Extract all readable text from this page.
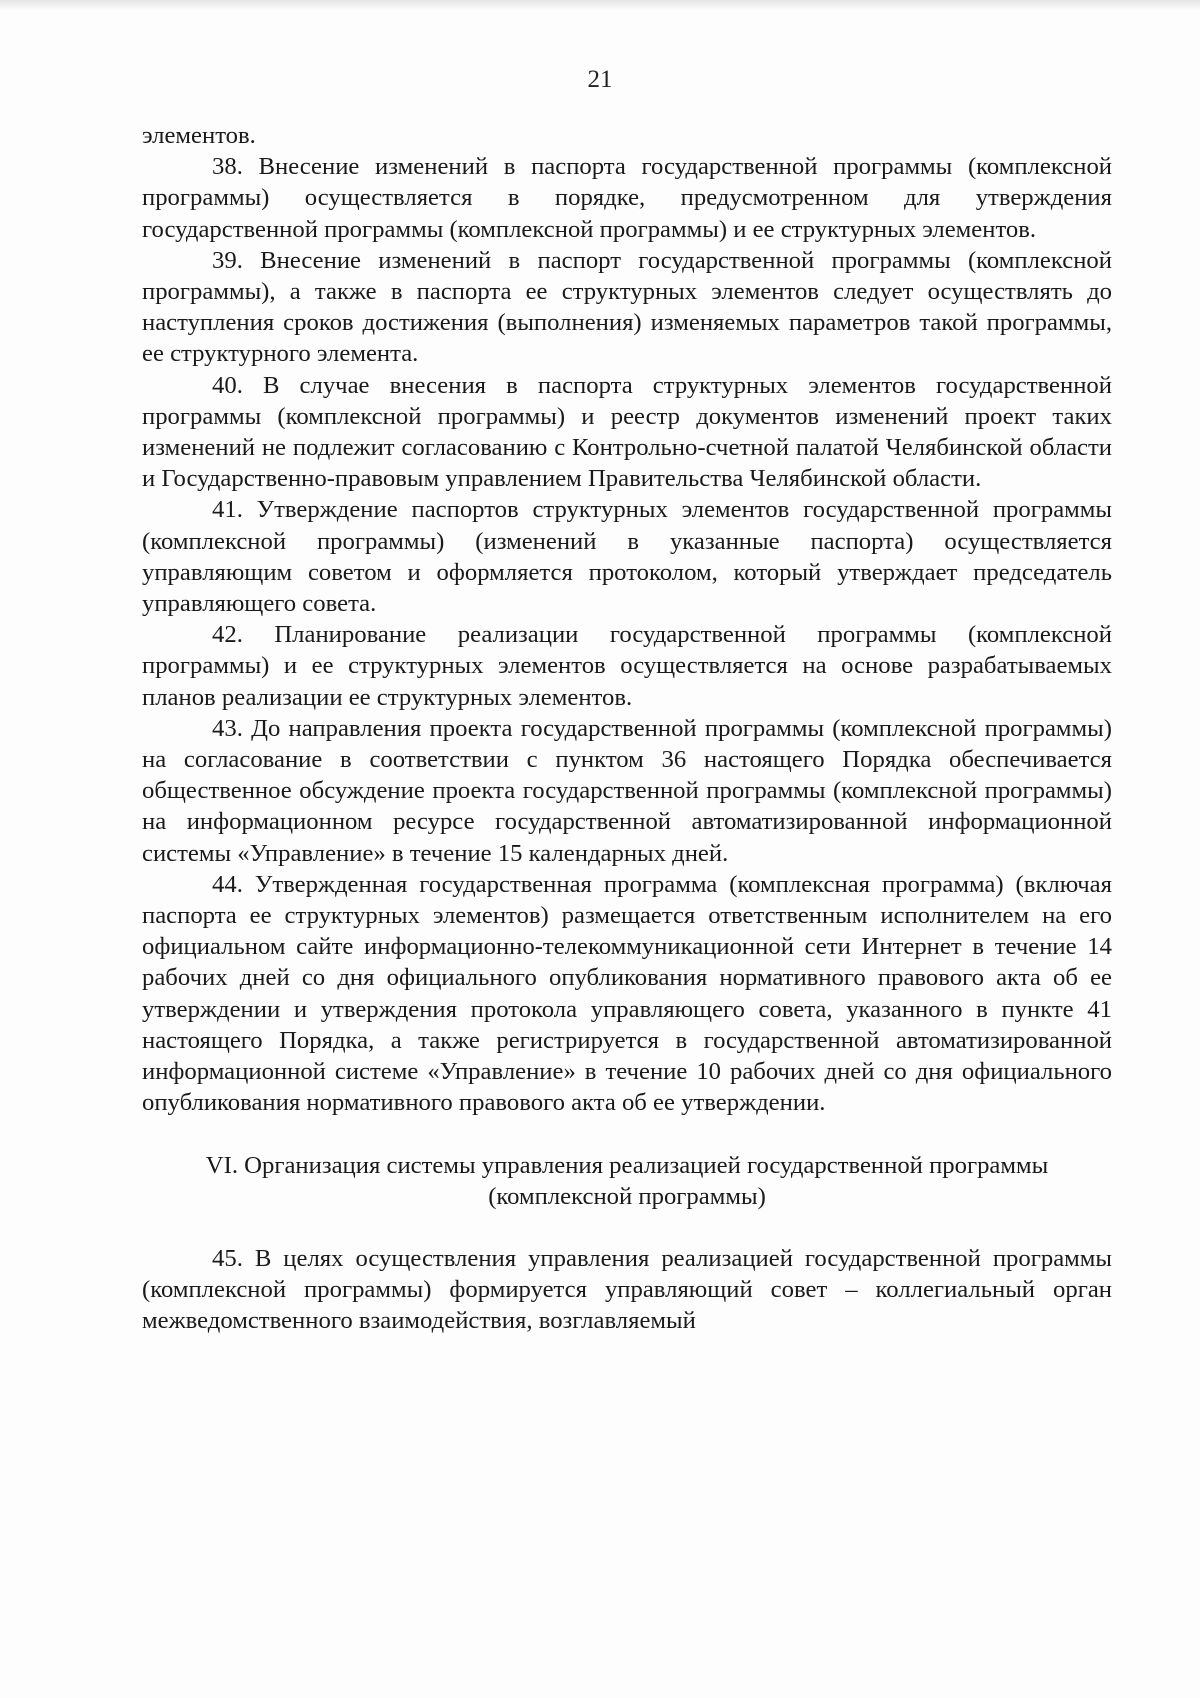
21

элементов.

38. Внесение изменений в паспорта государственной программы (комплексной программы) осуществляется в порядке, предусмотренном для утверждения государственной программы (комплексной программы) и ее структурных элементов.

39. Внесение изменений в паспорт государственной программы (комплексной программы), а также в паспорта ее структурных элементов следует осуществлять до наступления сроков достижения (выполнения) изменяемых параметров такой программы, ее структурного элемента.

40. В случае внесения в паспорта структурных элементов государственной программы (комплексной программы) и реестр документов изменений проект таких изменений не подлежит согласованию с Контрольно-счетной палатой Челябинской области и Государственно-правовым управлением Правительства Челябинской области.

41. Утверждение паспортов структурных элементов государственной программы (комплексной программы) (изменений в указанные паспорта) осуществляется управляющим советом и оформляется протоколом, который утверждает председатель управляющего совета.

42. Планирование реализации государственной программы (комплексной программы) и ее структурных элементов осуществляется на основе разрабатываемых планов реализации ее структурных элементов.

43. До направления проекта государственной программы (комплексной программы) на согласование в соответствии с пунктом 36 настоящего Порядка обеспечивается общественное обсуждение проекта государственной программы (комплексной программы) на информационном ресурсе государственной автоматизированной информационной системы «Управление» в течение 15 календарных дней.

44. Утвержденная государственная программа (комплексная программа) (включая паспорта ее структурных элементов) размещается ответственным исполнителем на его официальном сайте информационно-телекоммуникационной сети Интернет в течение 14 рабочих дней со дня официального опубликования нормативного правового акта об ее утверждении и утверждения протокола управляющего совета, указанного в пункте 41 настоящего Порядка, а также регистрируется в государственной автоматизированной информационной системе «Управление» в течение 10 рабочих дней со дня официального опубликования нормативного правового акта об ее утверждении.

VI. Организация системы управления реализацией государственной программы
(комплексной программы)

45. В целях осуществления управления реализацией государственной программы (комплексной программы) формируется управляющий совет – коллегиальный орган межведомственного взаимодействия, возглавляемый
